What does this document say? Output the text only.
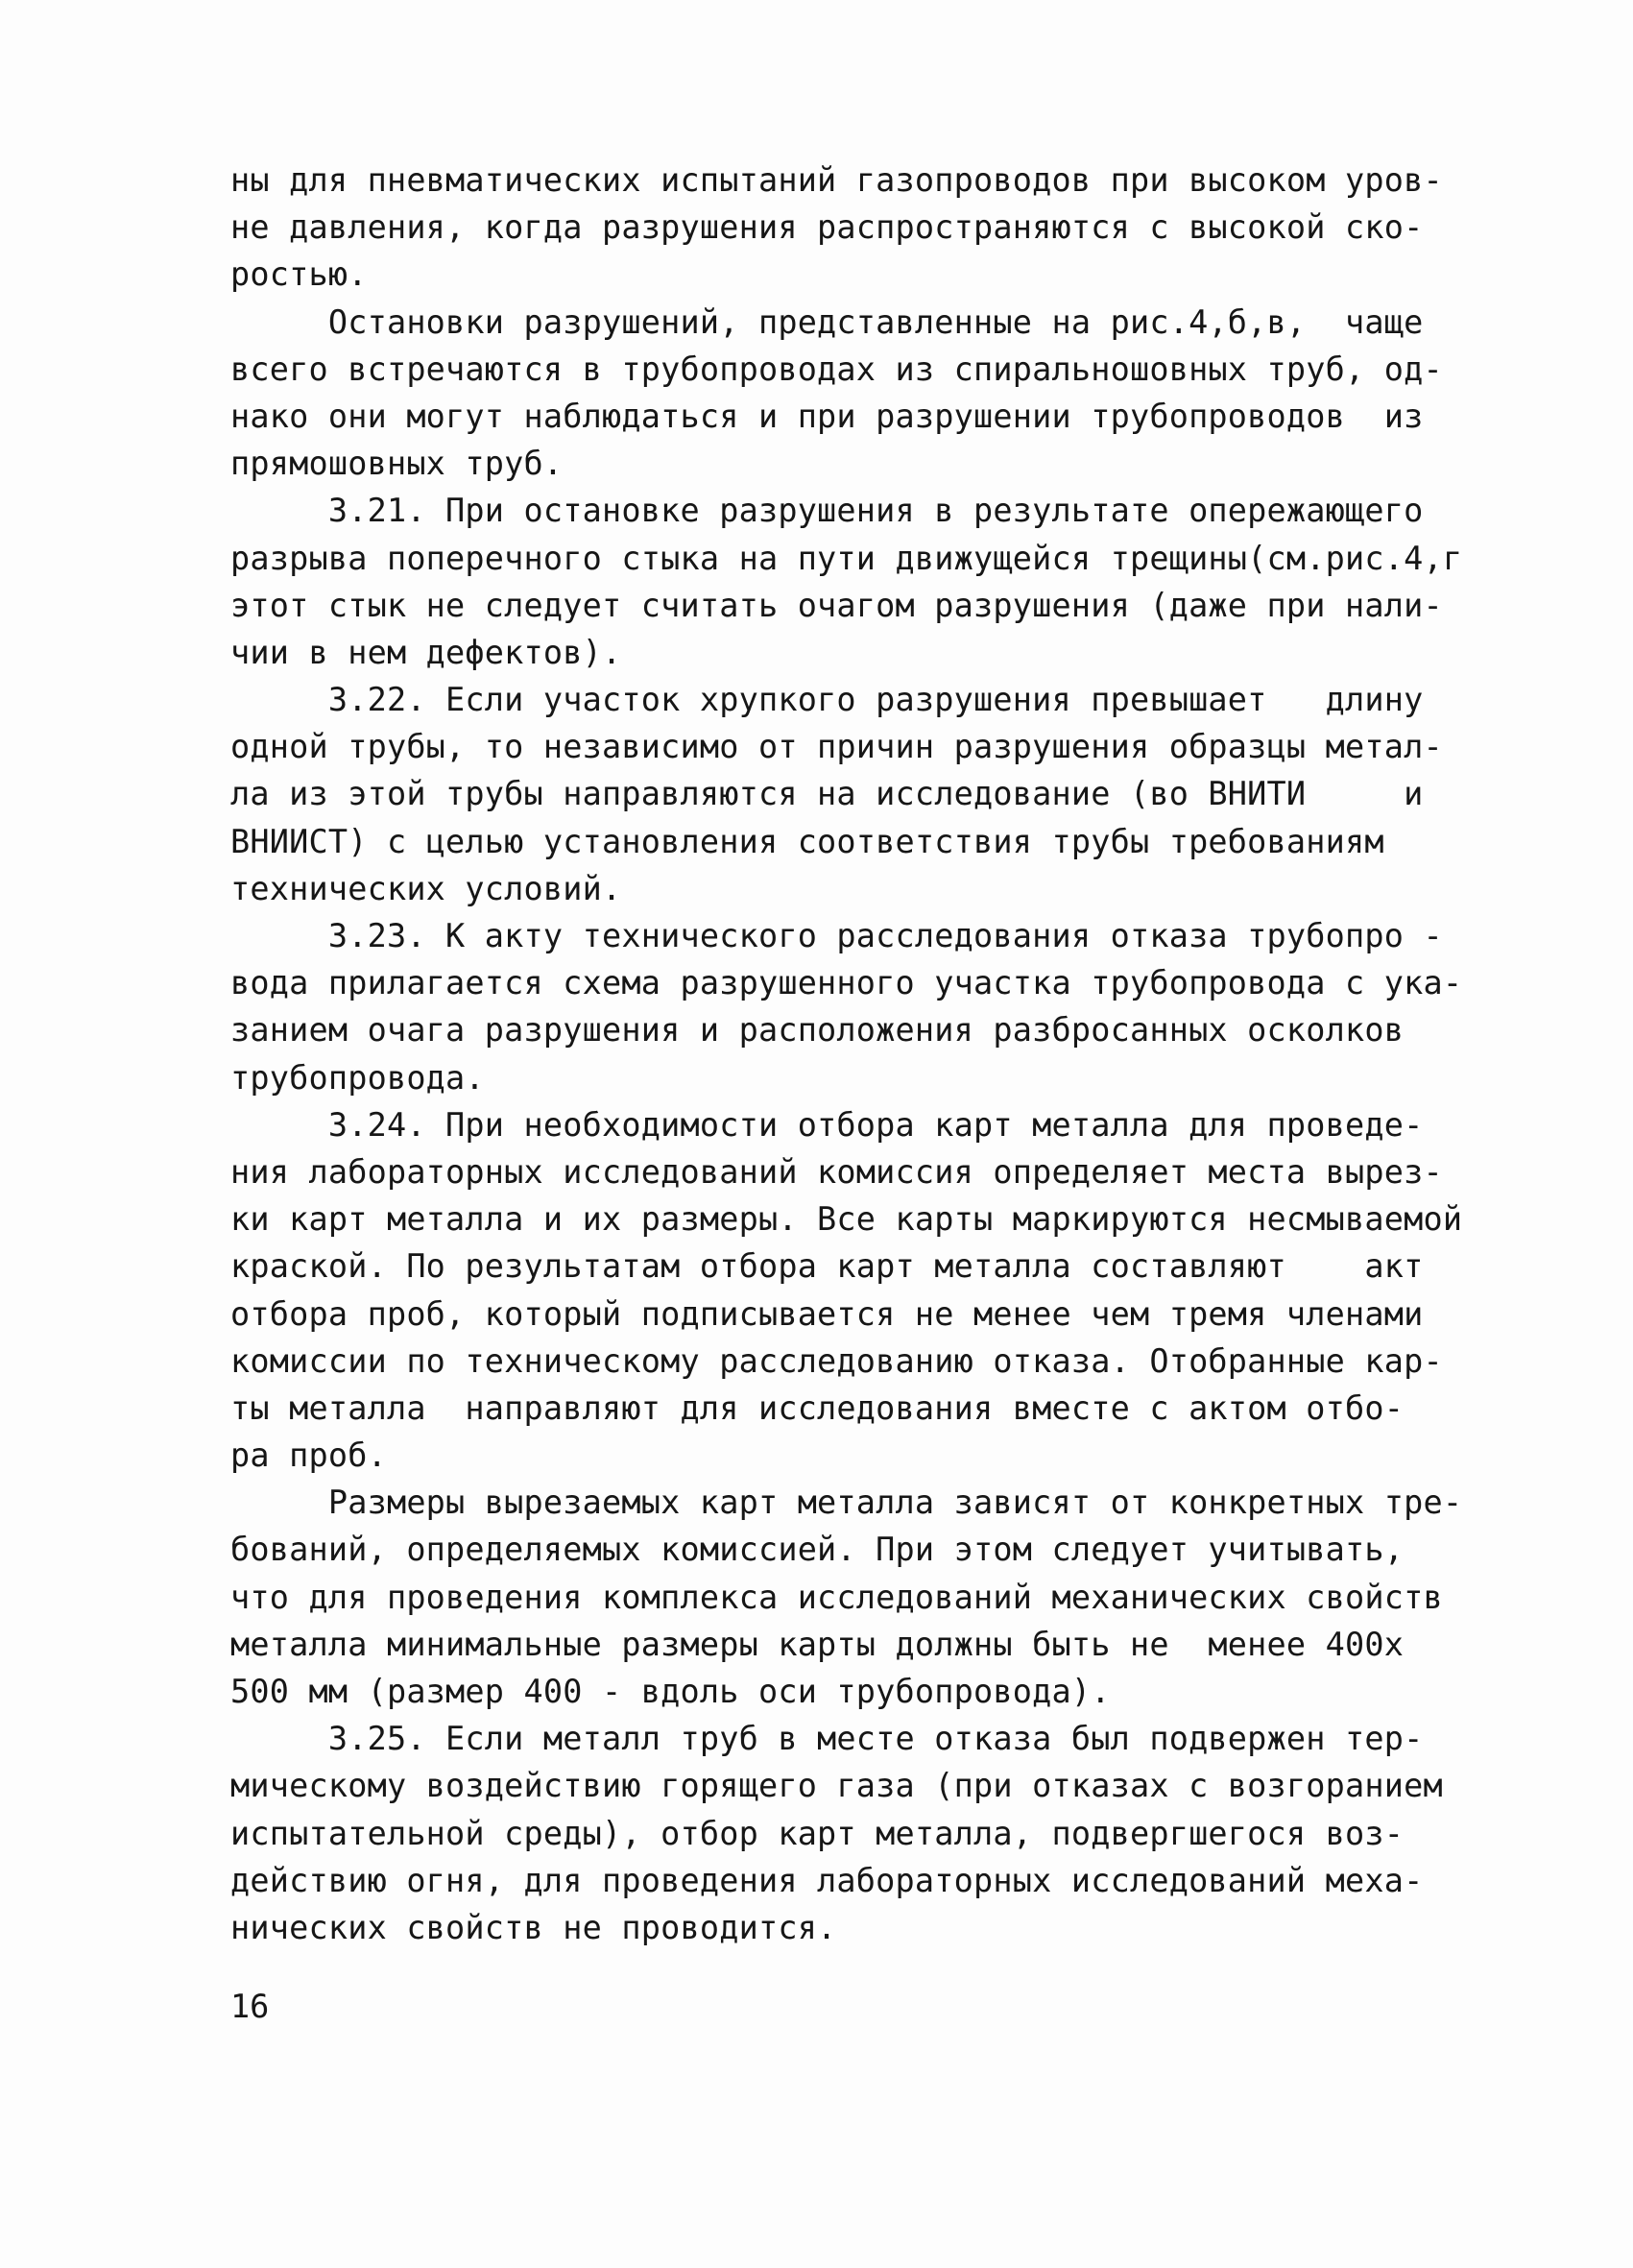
ны для пневматических испытаний газопроводов при высоком уров-
не давления, когда разрушения распространяются с высокой ско-
ростью.
Остановки разрушений, представленные на рис.4,б,в,  чаще
всего встречаются в трубопроводах из спиральношовных труб, од-
нако они могут наблюдаться и при разрушении трубопроводов  из
прямошовных труб.
3.21. При остановке разрушения в результате опережающего
разрыва поперечного стыка на пути движущейся трещины(см.рис.4,г
этот стык не следует считать очагом разрушения (даже при нали-
чии в нем дефектов).
3.22. Если участок хрупкого разрушения превышает   длину
одной трубы, то независимо от причин разрушения образцы метал-
ла из этой трубы направляются на исследование (во ВНИТИ     и
ВНИИСТ) с целью установления соответствия трубы требованиям
технических условий.
3.23. К акту технического расследования отказа трубопро -
вода прилагается схема разрушенного участка трубопровода с ука-
занием очага разрушения и расположения разбросанных осколков
трубопровода.
3.24. При необходимости отбора карт металла для проведе-
ния лабораторных исследований комиссия определяет места вырез-
ки карт металла и их размеры. Все карты маркируются несмываемой
краской. По результатам отбора карт металла составляют    акт
отбора проб, который подписывается не менее чем тремя членами
комиссии по техническому расследованию отказа. Отобранные кар-
ты металла  направляют для исследования вместе с актом отбо-
ра проб.
Размеры вырезаемых карт металла зависят от конкретных тре-
бований, определяемых комиссией. При этом следует учитывать,
что для проведения комплекса исследований механических свойств
металла минимальные размеры карты должны быть не  менее 400х
500 мм (размер 400 - вдоль оси трубопровода).
3.25. Если металл труб в месте отказа был подвержен тер-
мическому воздействию горящего газа (при отказах с возгоранием
испытательной среды), отбор карт металла, подвергшегося воз-
действию огня, для проведения лабораторных исследований меха-
нических свойств не проводится.
16
